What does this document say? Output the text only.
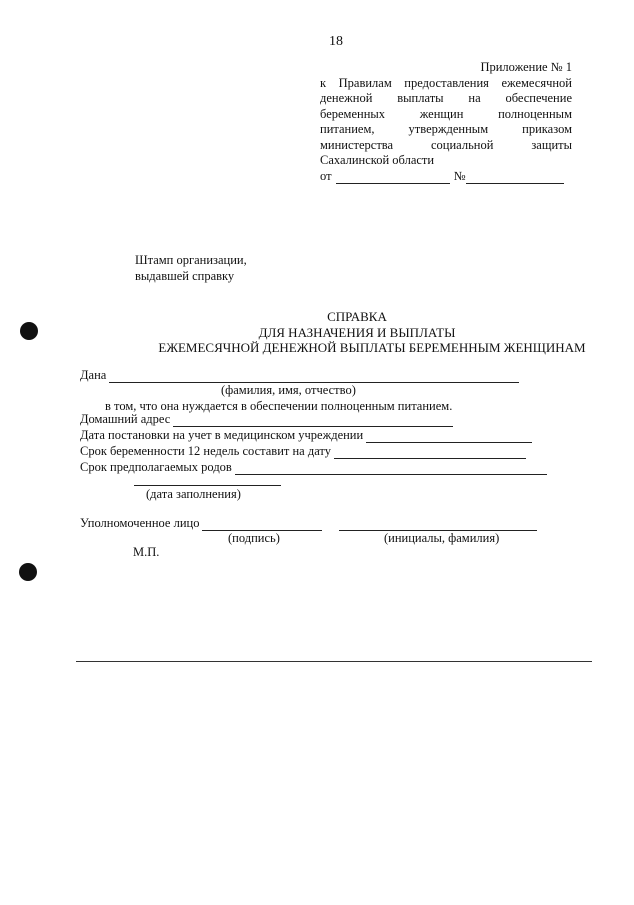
18
Приложение № 1
к Правилам предоставления ежемесячной
денежной выплаты на обеспечение
беременных женщин полноценным
питанием, утвержденным приказом
министерства социальной защиты
Сахалинской области
от	№
Штамп организации,
выдавшей справку
СПРАВКА
ДЛЯ НАЗНАЧЕНИЯ И ВЫПЛАТЫ
ЕЖЕМЕСЯЧНОЙ ДЕНЕЖНОЙ ВЫПЛАТЫ БЕРЕМЕННЫМ ЖЕНЩИНАМ
Дана
(фамилия, имя, отчество)
в том, что она нуждается в обеспечении полноценным питанием.
Домашний адрес
Дата постановки на учет в медицинском учреждении
Срок беременности 12 недель составит на дату
Срок предполагаемых родов
(дата заполнения)
Уполномоченное лицо
(подпись)	(инициалы, фамилия)
М.П.
